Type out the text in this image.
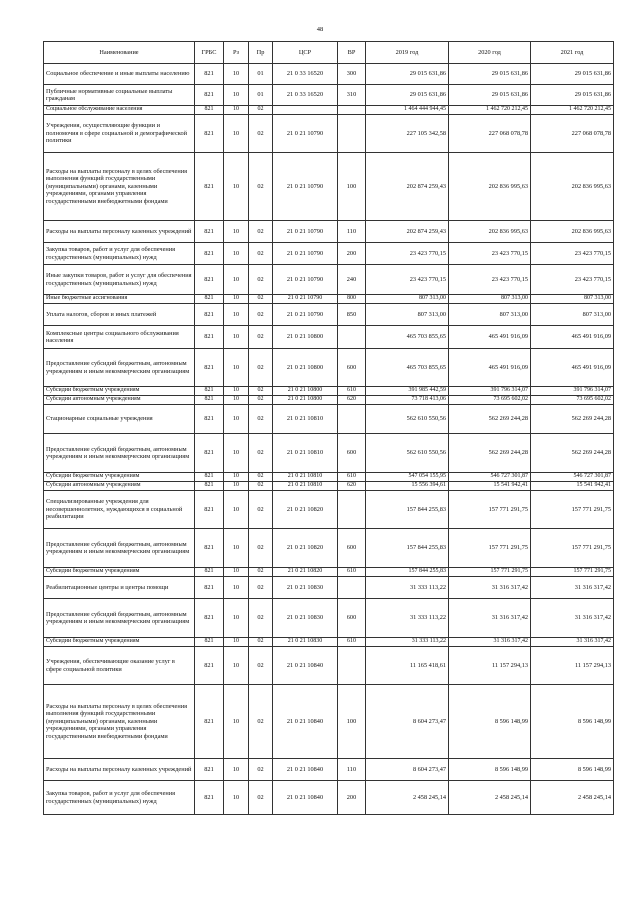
48
Наименование	ГРБС	Рз	Пр	ЦСР	ВР	2019 год	2020 год	2021 год
Социальное обеспечение и иные выплаты населению	821	10	01	21 0 33 16520	300	29 015 631,86	29 015 631,86	29 015 631,86
Публичные нормативные социальные выплаты гражданам	821	10	01	21 0 33 16520	310	29 015 631,86	29 015 631,86	29 015 631,86
Социальное обслуживание населения	821	10	02			1 464 444 944,45	1 462 720 212,45	1 462 720 212,45
Учреждения, осуществляющие функции и полномочия в сфере социальной и демографической политики	821	10	02	21 0 21 10790		227 105 342,58	227 068 078,78	227 068 078,78
Расходы на выплаты персоналу в целях обеспечения выполнения функций государственными (муниципальными) органами, казенными учреждениями, органами управления государственными внебюджетными фондами	821	10	02	21 0 21 10790	100	202 874 259,43	202 836 995,63	202 836 995,63
Расходы на выплаты персоналу казенных учреждений	821	10	02	21 0 21 10790	110	202 874 259,43	202 836 995,63	202 836 995,63
Закупка товаров, работ и услуг для обеспечения государственных (муниципальных) нужд	821	10	02	21 0 21 10790	200	23 423 770,15	23 423 770,15	23 423 770,15
Иные закупки товаров, работ и услуг для обеспечения государственных (муниципальных) нужд	821	10	02	21 0 21 10790	240	23 423 770,15	23 423 770,15	23 423 770,15
Иные бюджетные ассигнования	821	10	02	21 0 21 10790	800	807 313,00	807 313,00	807 313,00
Уплата налогов, сборов и иных платежей	821	10	02	21 0 21 10790	850	807 313,00	807 313,00	807 313,00
Комплексные центры социального обслуживания населения	821	10	02	21 0 21 10800		465 703 855,65	465 491 916,09	465 491 916,09
Предоставление субсидий бюджетным, автономным учреждениям и иным некоммерческим организациям	821	10	02	21 0 21 10800	600	465 703 855,65	465 491 916,09	465 491 916,09
Субсидии бюджетным учреждениям	821	10	02	21 0 21 10800	610	391 985 442,59	391 796 314,07	391 796 314,07
Субсидии автономным учреждениям	821	10	02	21 0 21 10800	620	73 718 413,06	73 695 602,02	73 695 602,02
Стационарные социальные учреждения	821	10	02	21 0 21 10810		562 610 550,56	562 269 244,28	562 269 244,28
Предоставление субсидий бюджетным, автономным учреждениям и иным некоммерческим организациям	821	10	02	21 0 21 10810	600	562 610 550,56	562 269 244,28	562 269 244,28
Субсидии бюджетным учреждениям	821	10	02	21 0 21 10810	610	547 054 155,95	546 727 301,87	546 727 301,87
Субсидии автономным учреждениям	821	10	02	21 0 21 10810	620	15 556 394,61	15 541 942,41	15 541 942,41
Специализированные учреждения для несовершеннолетних, нуждающихся в социальной реабилитации	821	10	02	21 0 21 10820		157 844 255,83	157 771 291,75	157 771 291,75
Предоставление субсидий бюджетным, автономным учреждениям и иным некоммерческим организациям	821	10	02	21 0 21 10820	600	157 844 255,83	157 771 291,75	157 771 291,75
Субсидии бюджетным учреждениям	821	10	02	21 0 21 10820	610	157 844 255,83	157 771 291,75	157 771 291,75
Реабилитационные центры и центры помощи	821	10	02	21 0 21 10830		31 333 113,22	31 316 317,42	31 316 317,42
Предоставление субсидий бюджетным, автономным учреждениям и иным некоммерческим организациям	821	10	02	21 0 21 10830	600	31 333 113,22	31 316 317,42	31 316 317,42
Субсидии бюджетным учреждениям	821	10	02	21 0 21 10830	610	31 333 113,22	31 316 317,42	31 316 317,42
Учреждения, обеспечивающие оказание услуг в сфере социальной политики	821	10	02	21 0 21 10840		11 165 418,61	11 157 294,13	11 157 294,13
Расходы на выплаты персоналу в целях обеспечения выполнения функций государственными (муниципальными) органами, казенными учреждениями, органами управления государственными внебюджетными фондами	821	10	02	21 0 21 10840	100	8 604 273,47	8 596 148,99	8 596 148,99
Расходы на выплаты персоналу казенных учреждений	821	10	02	21 0 21 10840	110	8 604 273,47	8 596 148,99	8 596 148,99
Закупка товаров, работ и услуг для обеспечения государственных (муниципальных) нужд	821	10	02	21 0 21 10840	200	2 458 245,14	2 458 245,14	2 458 245,14
